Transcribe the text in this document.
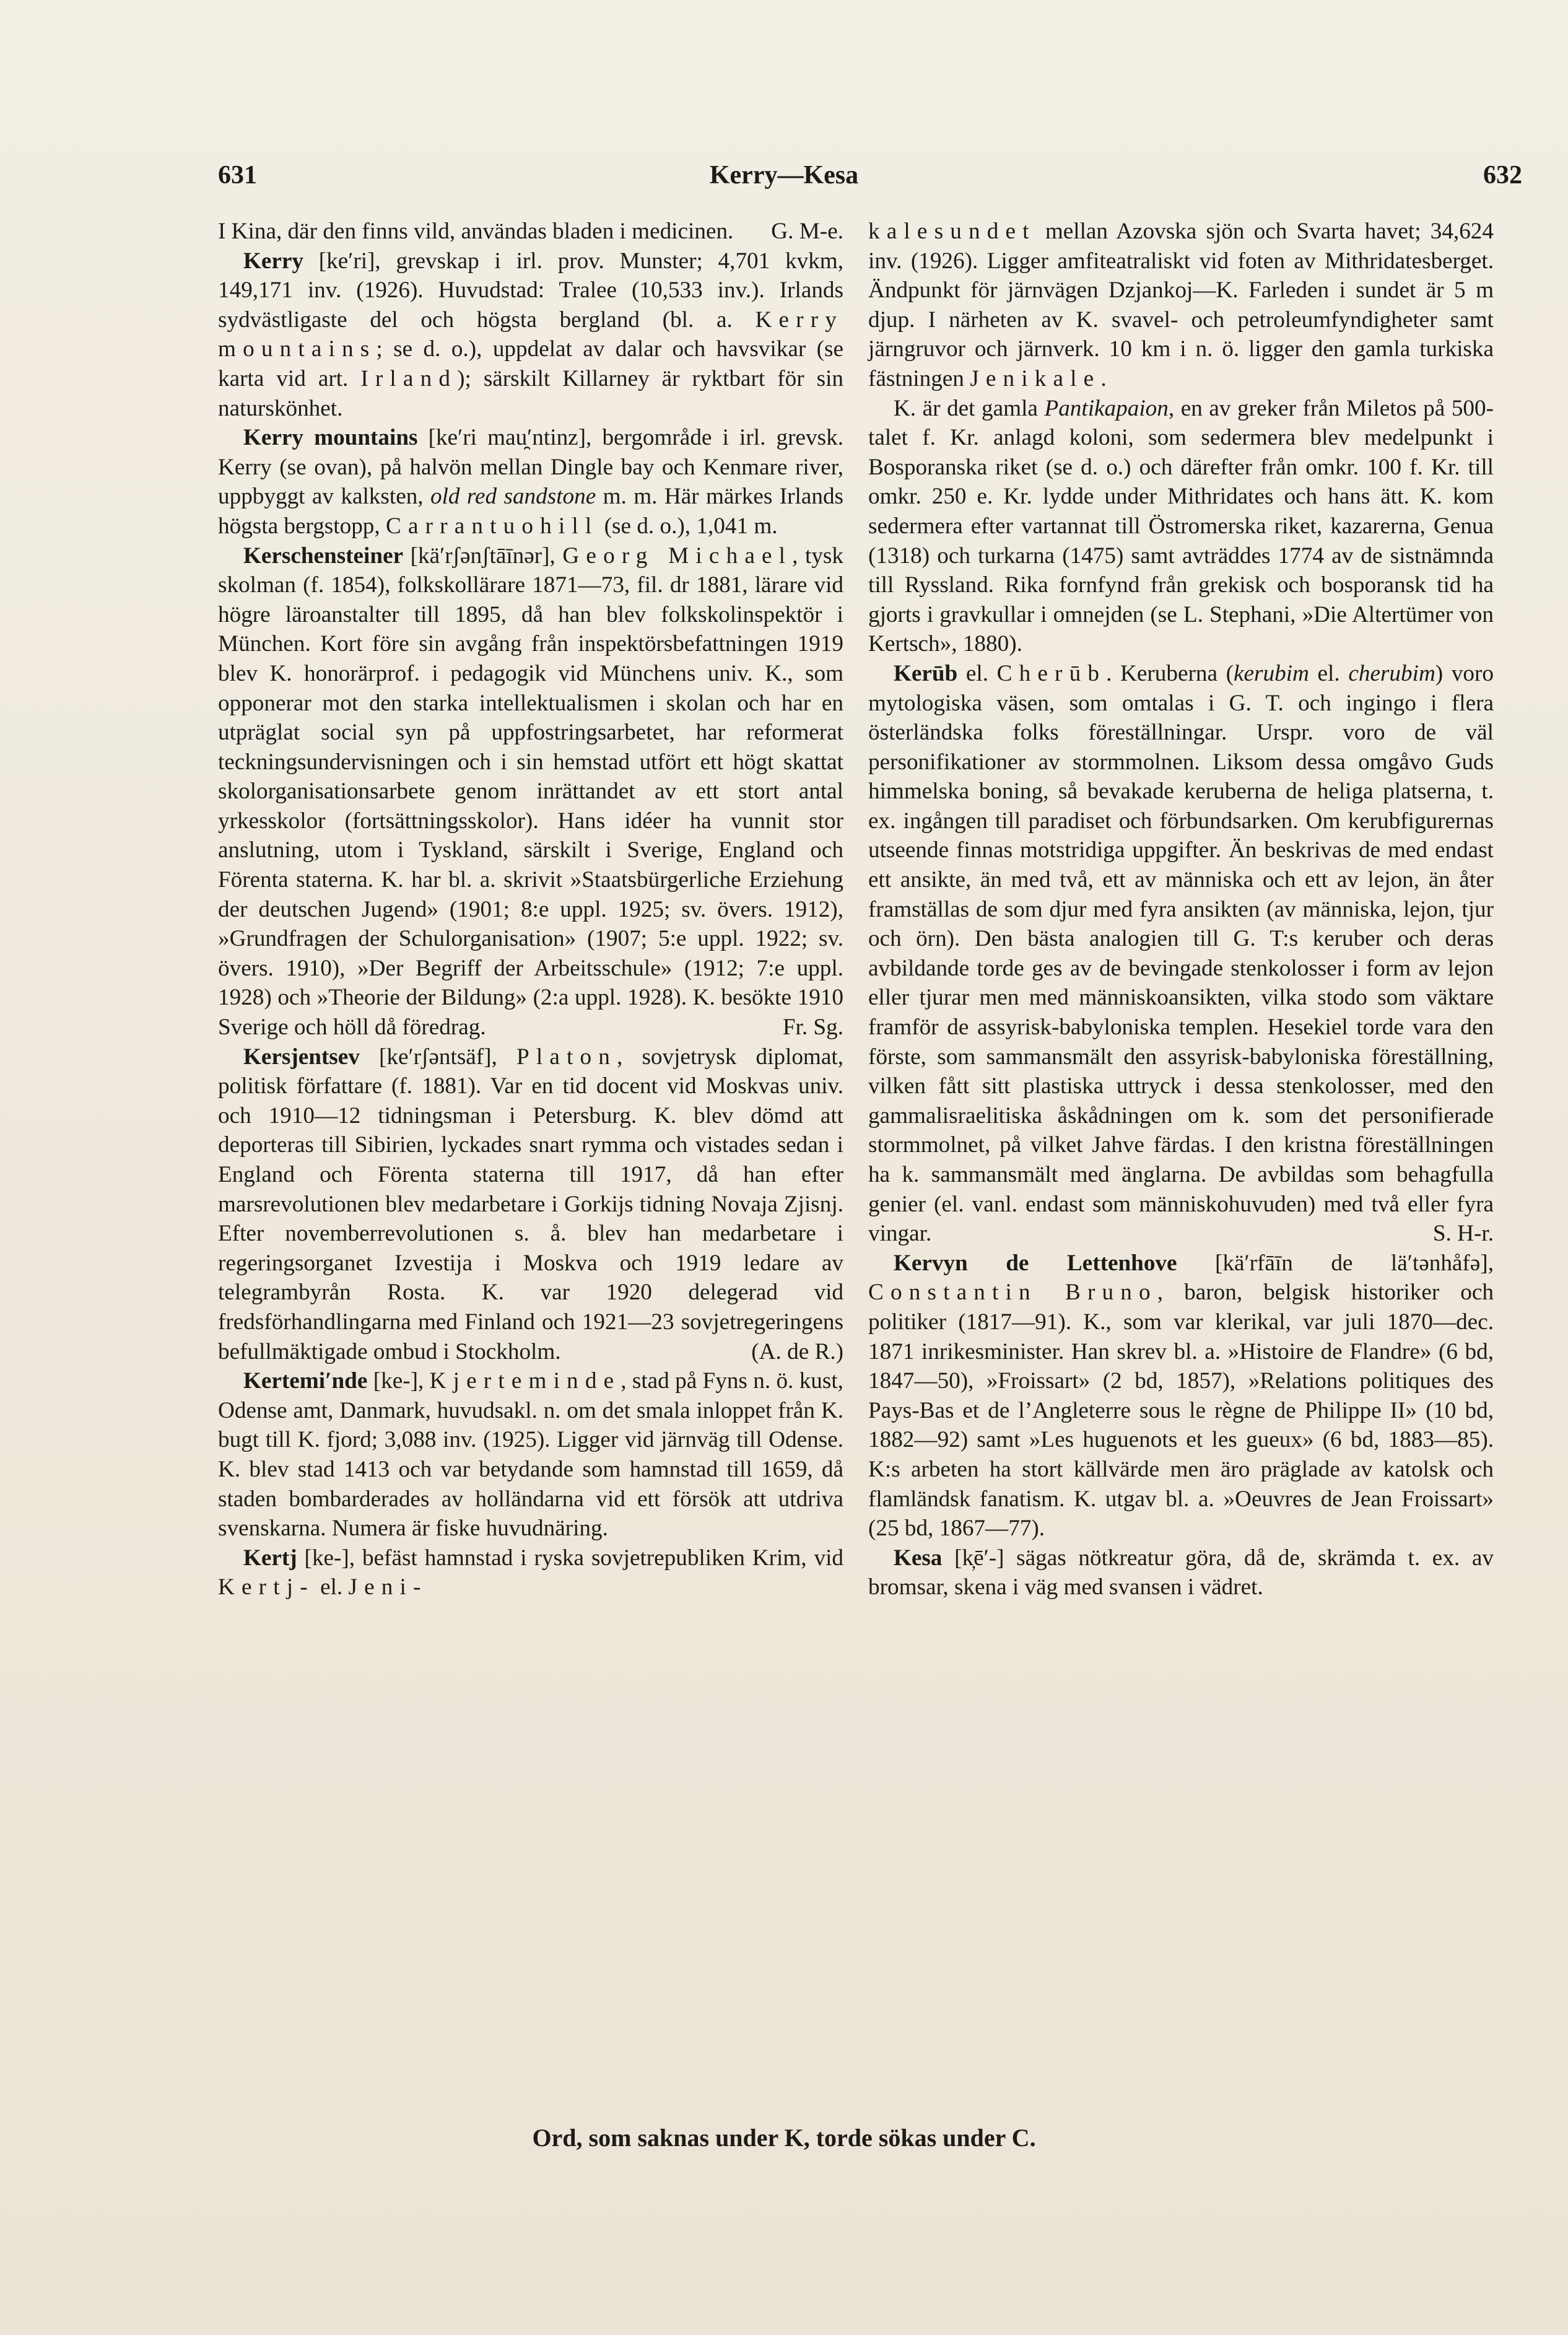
631	Kerry—Kesa	632

I Kina, där den finns vild, användas bladen i medicinen. G. M-e.

Kerry [ke′ri], grevskap i irl. prov. Munster; 4,701 kvkm, 149,171 inv. (1926). Huvudstad: Tralee (10,533 inv.). Irlands sydvästligaste del och högsta bergland (bl. a. Kerry mountains; se d. o.), uppdelat av dalar och havsvikar (se karta vid art. Irland); särskilt Killarney är ryktbart för sin naturskönhet.

Kerry mountains [ke′ri mau̯′ntinz], bergområde i irl. grevsk. Kerry (se ovan), på halvön mellan Dingle bay och Kenmare river, uppbyggt av kalksten, old red sandstone m. m. Här märkes Irlands högsta bergstopp, Carrantuohill (se d. o.), 1,041 m.

Kerschensteiner [kä′rʃənʃtāīnər], Georg Michael, tysk skolman (f. 1854), folkskollärare 1871—73, fil. dr 1881, lärare vid högre läroanstalter till 1895, då han blev folkskolinspektör i München. Kort före sin avgång från inspektörsbefattningen 1919 blev K. honorärprof. i pedagogik vid Münchens univ. K., som opponerar mot den starka intellektualismen i skolan och har en utpräglat social syn på uppfostringsarbetet, har reformerat teckningsundervisningen och i sin hemstad utfört ett högt skattat skolorganisationsarbete genom inrättandet av ett stort antal yrkesskolor (fortsättningsskolor). Hans idéer ha vunnit stor anslutning, utom i Tyskland, särskilt i Sverige, England och Förenta staterna. K. har bl. a. skrivit »Staatsbürgerliche Erziehung der deutschen Jugend» (1901; 8:e uppl. 1925; sv. övers. 1912), »Grundfragen der Schulorganisation» (1907; 5:e uppl. 1922; sv. övers. 1910), »Der Begriff der Arbeitsschule» (1912; 7:e uppl. 1928) och »Theorie der Bildung» (2:a uppl. 1928). K. besökte 1910 Sverige och höll då föredrag.	Fr. Sg.

Kersjentsev [ke′rʃəntsäf], Platon, sovjetrysk diplomat, politisk författare (f. 1881). Var en tid docent vid Moskvas univ. och 1910—12 tidningsman i Petersburg. K. blev dömd att deporteras till Sibirien, lyckades snart rymma och vistades sedan i England och Förenta staterna till 1917, då han efter marsrevolutionen blev medarbetare i Gorkijs tidning Novaja Zjisnj. Efter novemberrevolutionen s. å. blev han medarbetare i regeringsorganet Izvestija i Moskva och 1919 ledare av telegrambyrån Rosta. K. var 1920 delegerad vid fredsförhandlingarna med Finland och 1921—23 sovjetregeringens befullmäktigade ombud i Stockholm.	(A. de R.)

Kertemi′nde [ke-], Kjerteminde, stad på Fyns n. ö. kust, Odense amt, Danmark, huvudsakl. n. om det smala inloppet från K. bugt till K. fjord; 3,088 inv. (1925). Ligger vid järnväg till Odense. K. blev stad 1413 och var betydande som hamnstad till 1659, då staden bombarderades av holländarna vid ett försök att utdriva svenskarna. Numera är fiske huvudnäring.

Kertj [ke-], befäst hamnstad i ryska sovjetrepubliken Krim, vid Kertj- el. Jeni-

kalesundet mellan Azovska sjön och Svarta havet; 34,624 inv. (1926). Ligger amfiteatraliskt vid foten av Mithridatesberget. Ändpunkt för järnvägen Dzjankoj—K. Farleden i sundet är 5 m djup. I närheten av K. svavel- och petroleumfyndigheter samt järngruvor och järnverk. 10 km i n. ö. ligger den gamla turkiska fästningen Jenikale.

K. är det gamla Pantikapaion, en av greker från Miletos på 500-talet f. Kr. anlagd koloni, som sedermera blev medelpunkt i Bosporanska riket (se d. o.) och därefter från omkr. 100 f. Kr. till omkr. 250 e. Kr. lydde under Mithridates och hans ätt. K. kom sedermera efter vartannat till Östromerska riket, kazarerna, Genua (1318) och turkarna (1475) samt avträddes 1774 av de sistnämnda till Ryssland. Rika fornfynd från grekisk och bosporansk tid ha gjorts i gravkullar i omnejden (se L. Stephani, »Die Altertümer von Kertsch», 1880).

Kerūb el. Cherūb. Keruberna (kerubim el. cherubim) voro mytologiska väsen, som omtalas i G. T. och ingingo i flera österländska folks föreställningar. Urspr. voro de väl personifikationer av stormmolnen. Liksom dessa omgåvo Guds himmelska boning, så bevakade keruberna de heliga platserna, t. ex. ingången till paradiset och förbundsarken. Om kerubfigurernas utseende finnas motstridiga uppgifter. Än beskrivas de med endast ett ansikte, än med två, ett av människa och ett av lejon, än åter framställas de som djur med fyra ansikten (av människa, lejon, tjur och örn). Den bästa analogien till G. T:s keruber och deras avbildande torde ges av de bevingade stenkolosser i form av lejon eller tjurar men med människoansikten, vilka stodo som väktare framför de assyrisk-babyloniska templen. Hesekiel torde vara den förste, som sammansmält den assyrisk-babyloniska föreställning, vilken fått sitt plastiska uttryck i dessa stenkolosser, med den gammalisraelitiska åskådningen om k. som det personifierade stormmolnet, på vilket Jahve färdas. I den kristna föreställningen ha k. sammansmält med änglarna. De avbildas som behagfulla genier (el. vanl. endast som människohuvuden) med två eller fyra vingar.	S. H-r.

Kervyn de Lettenhove [kä′rfāīn de lä′tənhåfə], Constantin Bruno, baron, belgisk historiker och politiker (1817—91). K., som var klerikal, var juli 1870—dec. 1871 inrikesminister. Han skrev bl. a. »Histoire de Flandre» (6 bd, 1847—50), »Froissart» (2 bd, 1857), »Relations politiques des Pays-Bas et de l’Angleterre sous le règne de Philippe II» (10 bd, 1882—92) samt »Les huguenots et les gueux» (6 bd, 1883—85). K:s arbeten ha stort källvärde men äro präglade av katolsk och flamländsk fanatism. K. utgav bl. a. »Oeuvres de Jean Froissart» (25 bd, 1867—77).

Kesa [k̦ē′-] sägas nötkreatur göra, då de, skrämda t. ex. av bromsar, skena i väg med svansen i vädret.

Ord, som saknas under K, torde sökas under C.
